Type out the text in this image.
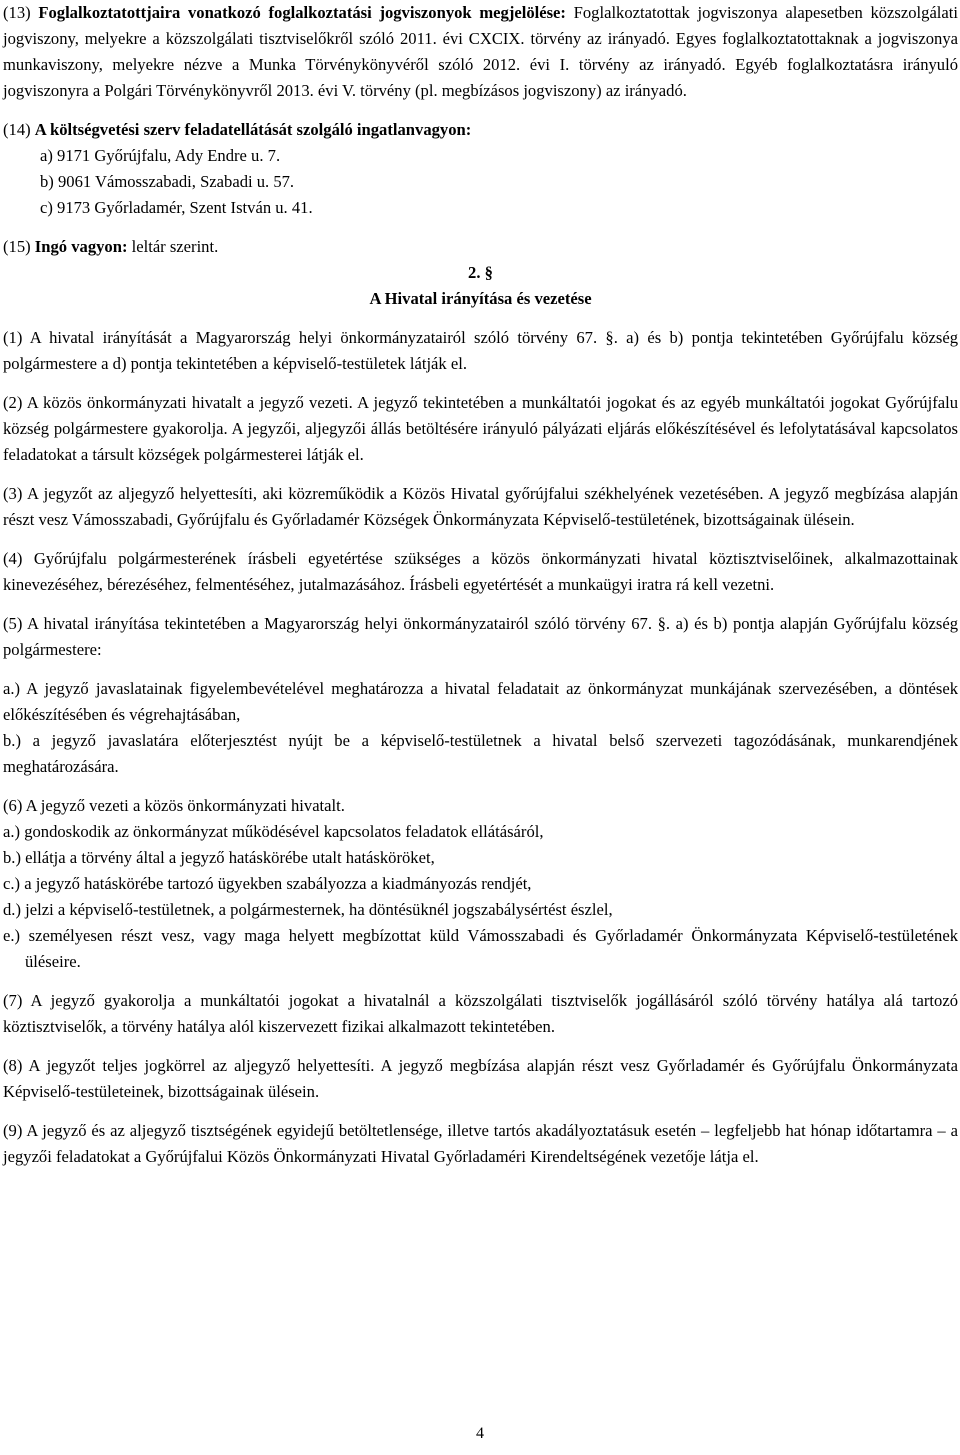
(13) Foglalkoztatottjaira vonatkozó foglalkoztatási jogviszonyok megjelölése: Foglalkoztatottak jogviszonya alapesetben közszolgálati jogviszony, melyekre a közszolgálati tisztviselőkről szóló 2011. évi CXCIX. törvény az irányadó. Egyes foglalkoztatottaknak a jogviszonya munkaviszony, melyekre nézve a Munka Törvénykönyvéről szóló 2012. évi I. törvény az irányadó. Egyéb foglalkoztatásra irányuló jogviszonyra a Polgári Törvénykönyvről 2013. évi V. törvény (pl. megbízásos jogviszony) az irányadó.

(14) A költségvetési szerv feladatellátását szolgáló ingatlanvagyon:

a) 9171 Győrújfalu, Ady Endre u. 7.

b) 9061 Vámosszabadi, Szabadi u. 57.

c) 9173 Győrladamér, Szent István u. 41.

(15) Ingó vagyon: leltár szerint.

2. §

A Hivatal irányítása és vezetése

(1) A hivatal irányítását a Magyarország helyi önkormányzatairól szóló törvény 67. §. a) és b) pontja tekintetében Győrújfalu község polgármestere a d) pontja tekintetében a képviselő-testületek látják el.

(2) A közös önkormányzati hivatalt a jegyző vezeti. A jegyző tekintetében a munkáltatói jogokat és az egyéb munkáltatói jogokat Győrújfalu község polgármestere gyakorolja. A jegyzői, aljegyzői állás betöltésére irányuló pályázati eljárás előkészítésével és lefolytatásával kapcsolatos feladatokat a társult községek polgármesterei látják el.

(3) A jegyzőt az aljegyző helyettesíti, aki közreműködik a Közös Hivatal győrújfalui székhelyének vezetésében. A jegyző megbízása alapján részt vesz Vámosszabadi, Győrújfalu és Győrladamér Községek Önkormányzata Képviselő-testületének, bizottságainak ülésein.

(4) Győrújfalu polgármesterének írásbeli egyetértése szükséges a közös önkormányzati hivatal köztisztviselőinek, alkalmazottainak kinevezéséhez, bérezéséhez, felmentéséhez, jutalmazásához. Írásbeli egyetértését a munkaügyi iratra rá kell vezetni.

(5) A hivatal irányítása tekintetében a Magyarország helyi önkormányzatairól szóló törvény 67. §. a) és b) pontja alapján Győrújfalu község polgármestere:

a.) A jegyző javaslatainak figyelembevételével meghatározza a hivatal feladatait az önkormányzat munkájának szervezésében, a döntések előkészítésében és végrehajtásában,

b.) a jegyző javaslatára előterjesztést nyújt be a képviselő-testületnek a hivatal belső szervezeti tagozódásának, munkarendjének meghatározására.

(6) A jegyző vezeti a közös önkormányzati hivatalt.

a.) gondoskodik az önkormányzat működésével kapcsolatos feladatok ellátásáról,

b.) ellátja a törvény által a jegyző hatáskörébe utalt hatásköröket,

c.) a jegyző hatáskörébe tartozó ügyekben szabályozza a kiadmányozás rendjét,

d.) jelzi a képviselő-testületnek, a polgármesternek, ha döntésüknél jogszabálysértést észlel,

e.) személyesen részt vesz, vagy maga helyett megbízottat küld Vámosszabadi és Győrladamér Önkormányzata Képviselő-testületének üléseire.

(7) A jegyző gyakorolja a munkáltatói jogokat a hivatalnál a közszolgálati tisztviselők jogállásáról szóló törvény hatálya alá tartozó köztisztviselők, a törvény hatálya alól kiszervezett fizikai alkalmazott tekintetében.

(8) A jegyzőt teljes jogkörrel az aljegyző helyettesíti. A jegyző megbízása alapján részt vesz Győrladamér és Győrújfalu Önkormányzata Képviselő-testületeinek, bizottságainak ülésein.

(9) A jegyző és az aljegyző tisztségének egyidejű betöltetlensége, illetve tartós akadályoztatásuk esetén – legfeljebb hat hónap időtartamra – a jegyzői feladatokat a Győrújfalui Közös Önkormányzati Hivatal Győrladaméri Kirendeltségének vezetője látja el.

4
